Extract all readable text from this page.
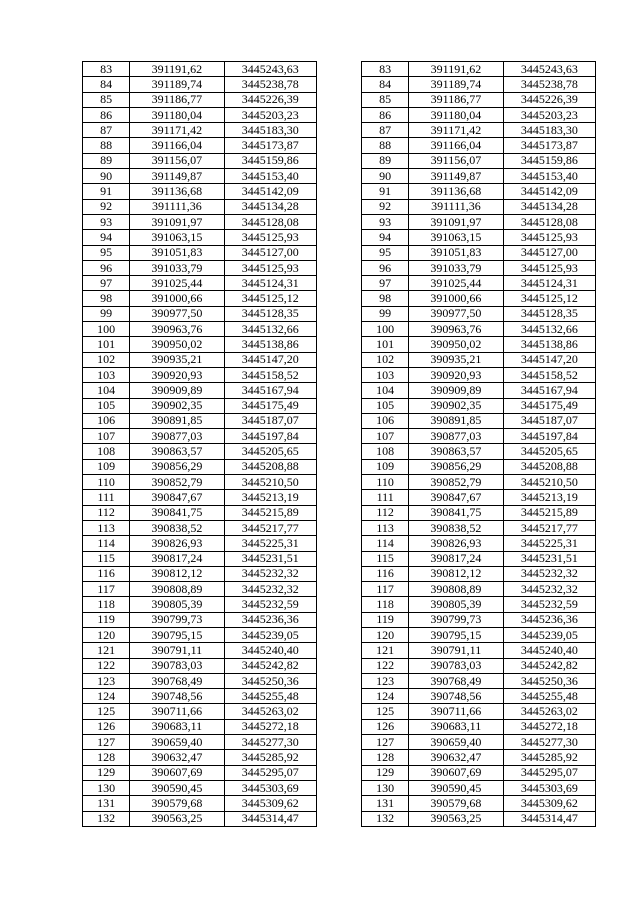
83	391191,62	3445243,63		83	391191,62	3445243,63
84	391189,74	3445238,78		84	391189,74	3445238,78
85	391186,77	3445226,39		85	391186,77	3445226,39
86	391180,04	3445203,23		86	391180,04	3445203,23
87	391171,42	3445183,30		87	391171,42	3445183,30
88	391166,04	3445173,87		88	391166,04	3445173,87
89	391156,07	3445159,86		89	391156,07	3445159,86
90	391149,87	3445153,40		90	391149,87	3445153,40
91	391136,68	3445142,09		91	391136,68	3445142,09
92	391111,36	3445134,28		92	391111,36	3445134,28
93	391091,97	3445128,08		93	391091,97	3445128,08
94	391063,15	3445125,93		94	391063,15	3445125,93
95	391051,83	3445127,00		95	391051,83	3445127,00
96	391033,79	3445125,93		96	391033,79	3445125,93
97	391025,44	3445124,31		97	391025,44	3445124,31
98	391000,66	3445125,12		98	391000,66	3445125,12
99	390977,50	3445128,35		99	390977,50	3445128,35
100	390963,76	3445132,66		100	390963,76	3445132,66
101	390950,02	3445138,86		101	390950,02	3445138,86
102	390935,21	3445147,20		102	390935,21	3445147,20
103	390920,93	3445158,52		103	390920,93	3445158,52
104	390909,89	3445167,94		104	390909,89	3445167,94
105	390902,35	3445175,49		105	390902,35	3445175,49
106	390891,85	3445187,07		106	390891,85	3445187,07
107	390877,03	3445197,84		107	390877,03	3445197,84
108	390863,57	3445205,65		108	390863,57	3445205,65
109	390856,29	3445208,88		109	390856,29	3445208,88
110	390852,79	3445210,50		110	390852,79	3445210,50
111	390847,67	3445213,19		111	390847,67	3445213,19
112	390841,75	3445215,89		112	390841,75	3445215,89
113	390838,52	3445217,77		113	390838,52	3445217,77
114	390826,93	3445225,31		114	390826,93	3445225,31
115	390817,24	3445231,51		115	390817,24	3445231,51
116	390812,12	3445232,32		116	390812,12	3445232,32
117	390808,89	3445232,32		117	390808,89	3445232,32
118	390805,39	3445232,59		118	390805,39	3445232,59
119	390799,73	3445236,36		119	390799,73	3445236,36
120	390795,15	3445239,05		120	390795,15	3445239,05
121	390791,11	3445240,40		121	390791,11	3445240,40
122	390783,03	3445242,82		122	390783,03	3445242,82
123	390768,49	3445250,36		123	390768,49	3445250,36
124	390748,56	3445255,48		124	390748,56	3445255,48
125	390711,66	3445263,02		125	390711,66	3445263,02
126	390683,11	3445272,18		126	390683,11	3445272,18
127	390659,40	3445277,30		127	390659,40	3445277,30
128	390632,47	3445285,92		128	390632,47	3445285,92
129	390607,69	3445295,07		129	390607,69	3445295,07
130	390590,45	3445303,69		130	390590,45	3445303,69
131	390579,68	3445309,62		131	390579,68	3445309,62
132	390563,25	3445314,47		132	390563,25	3445314,47
